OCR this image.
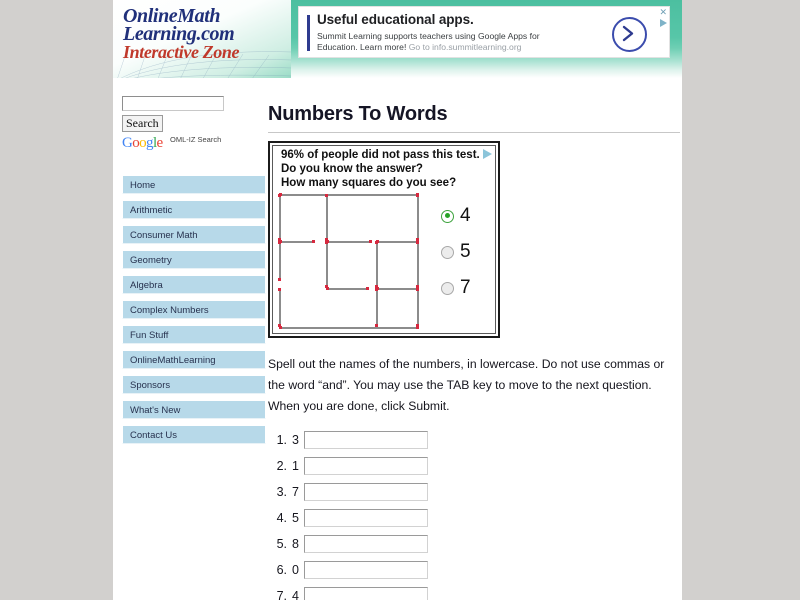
OnlineMath
Learning.com
Interactive Zone
Useful educational apps.
Summit Learning supports teachers using Google Apps for
Education. Learn more! Go to info.summitlearning.org
✕
Search
Google OML-IZ Search
Home
Arithmetic
Consumer Math
Geometry
Algebra
Complex Numbers
Fun Stuff
OnlineMathLearning
Sponsors
What's New
Contact Us
Numbers To Words
96% of people did not pass this test.
Do you know the answer?
How many squares do you see?
4
5
7

Spell out the names of the numbers, in lowercase. Do not use commas or the word “and”. You may use the TAB key to move to the next question. When you are done, click Submit.

1. 3
2. 1
3. 7
4. 5
5. 8
6. 0
7. 4
